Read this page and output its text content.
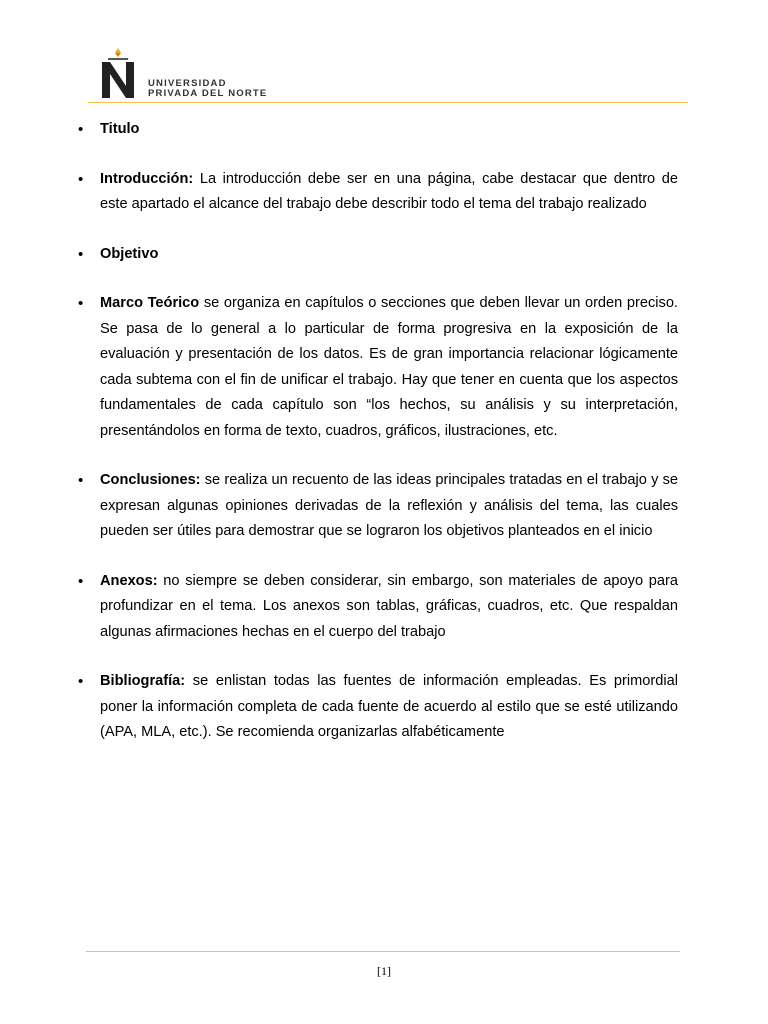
UNIVERSIDAD
PRIVADA DEL NORTE
• Titulo
• Introducción: La introducción debe ser en una página, cabe destacar que dentro de este apartado el alcance del trabajo debe describir todo el tema del trabajo realizado
• Objetivo
• Marco Teórico se organiza en capítulos o secciones que deben llevar un orden preciso. Se pasa de lo general a lo particular de forma progresiva en la exposición de la evaluación y presentación de los datos. Es de gran importancia relacionar lógicamente cada subtema con el fin de unificar el trabajo. Hay que tener en cuenta que los aspectos fundamentales de cada capítulo son “los hechos, su análisis y su interpretación, presentándolos en forma de texto, cuadros, gráficos, ilustraciones, etc.
• Conclusiones: se realiza un recuento de las ideas principales tratadas en el trabajo y se expresan algunas opiniones derivadas de la reflexión y análisis del tema, las cuales pueden ser útiles para demostrar que se lograron los objetivos planteados en el inicio
• Anexos: no siempre se deben considerar, sin embargo, son materiales de apoyo para profundizar en el tema. Los anexos son tablas, gráficas, cuadros, etc. Que respaldan algunas afirmaciones hechas en el cuerpo del trabajo
• Bibliografía: se enlistan todas las fuentes de información empleadas. Es primordial poner la información completa de cada fuente de acuerdo al estilo que se esté utilizando (APA, MLA, etc.). Se recomienda organizarlas alfabéticamente
[1]
